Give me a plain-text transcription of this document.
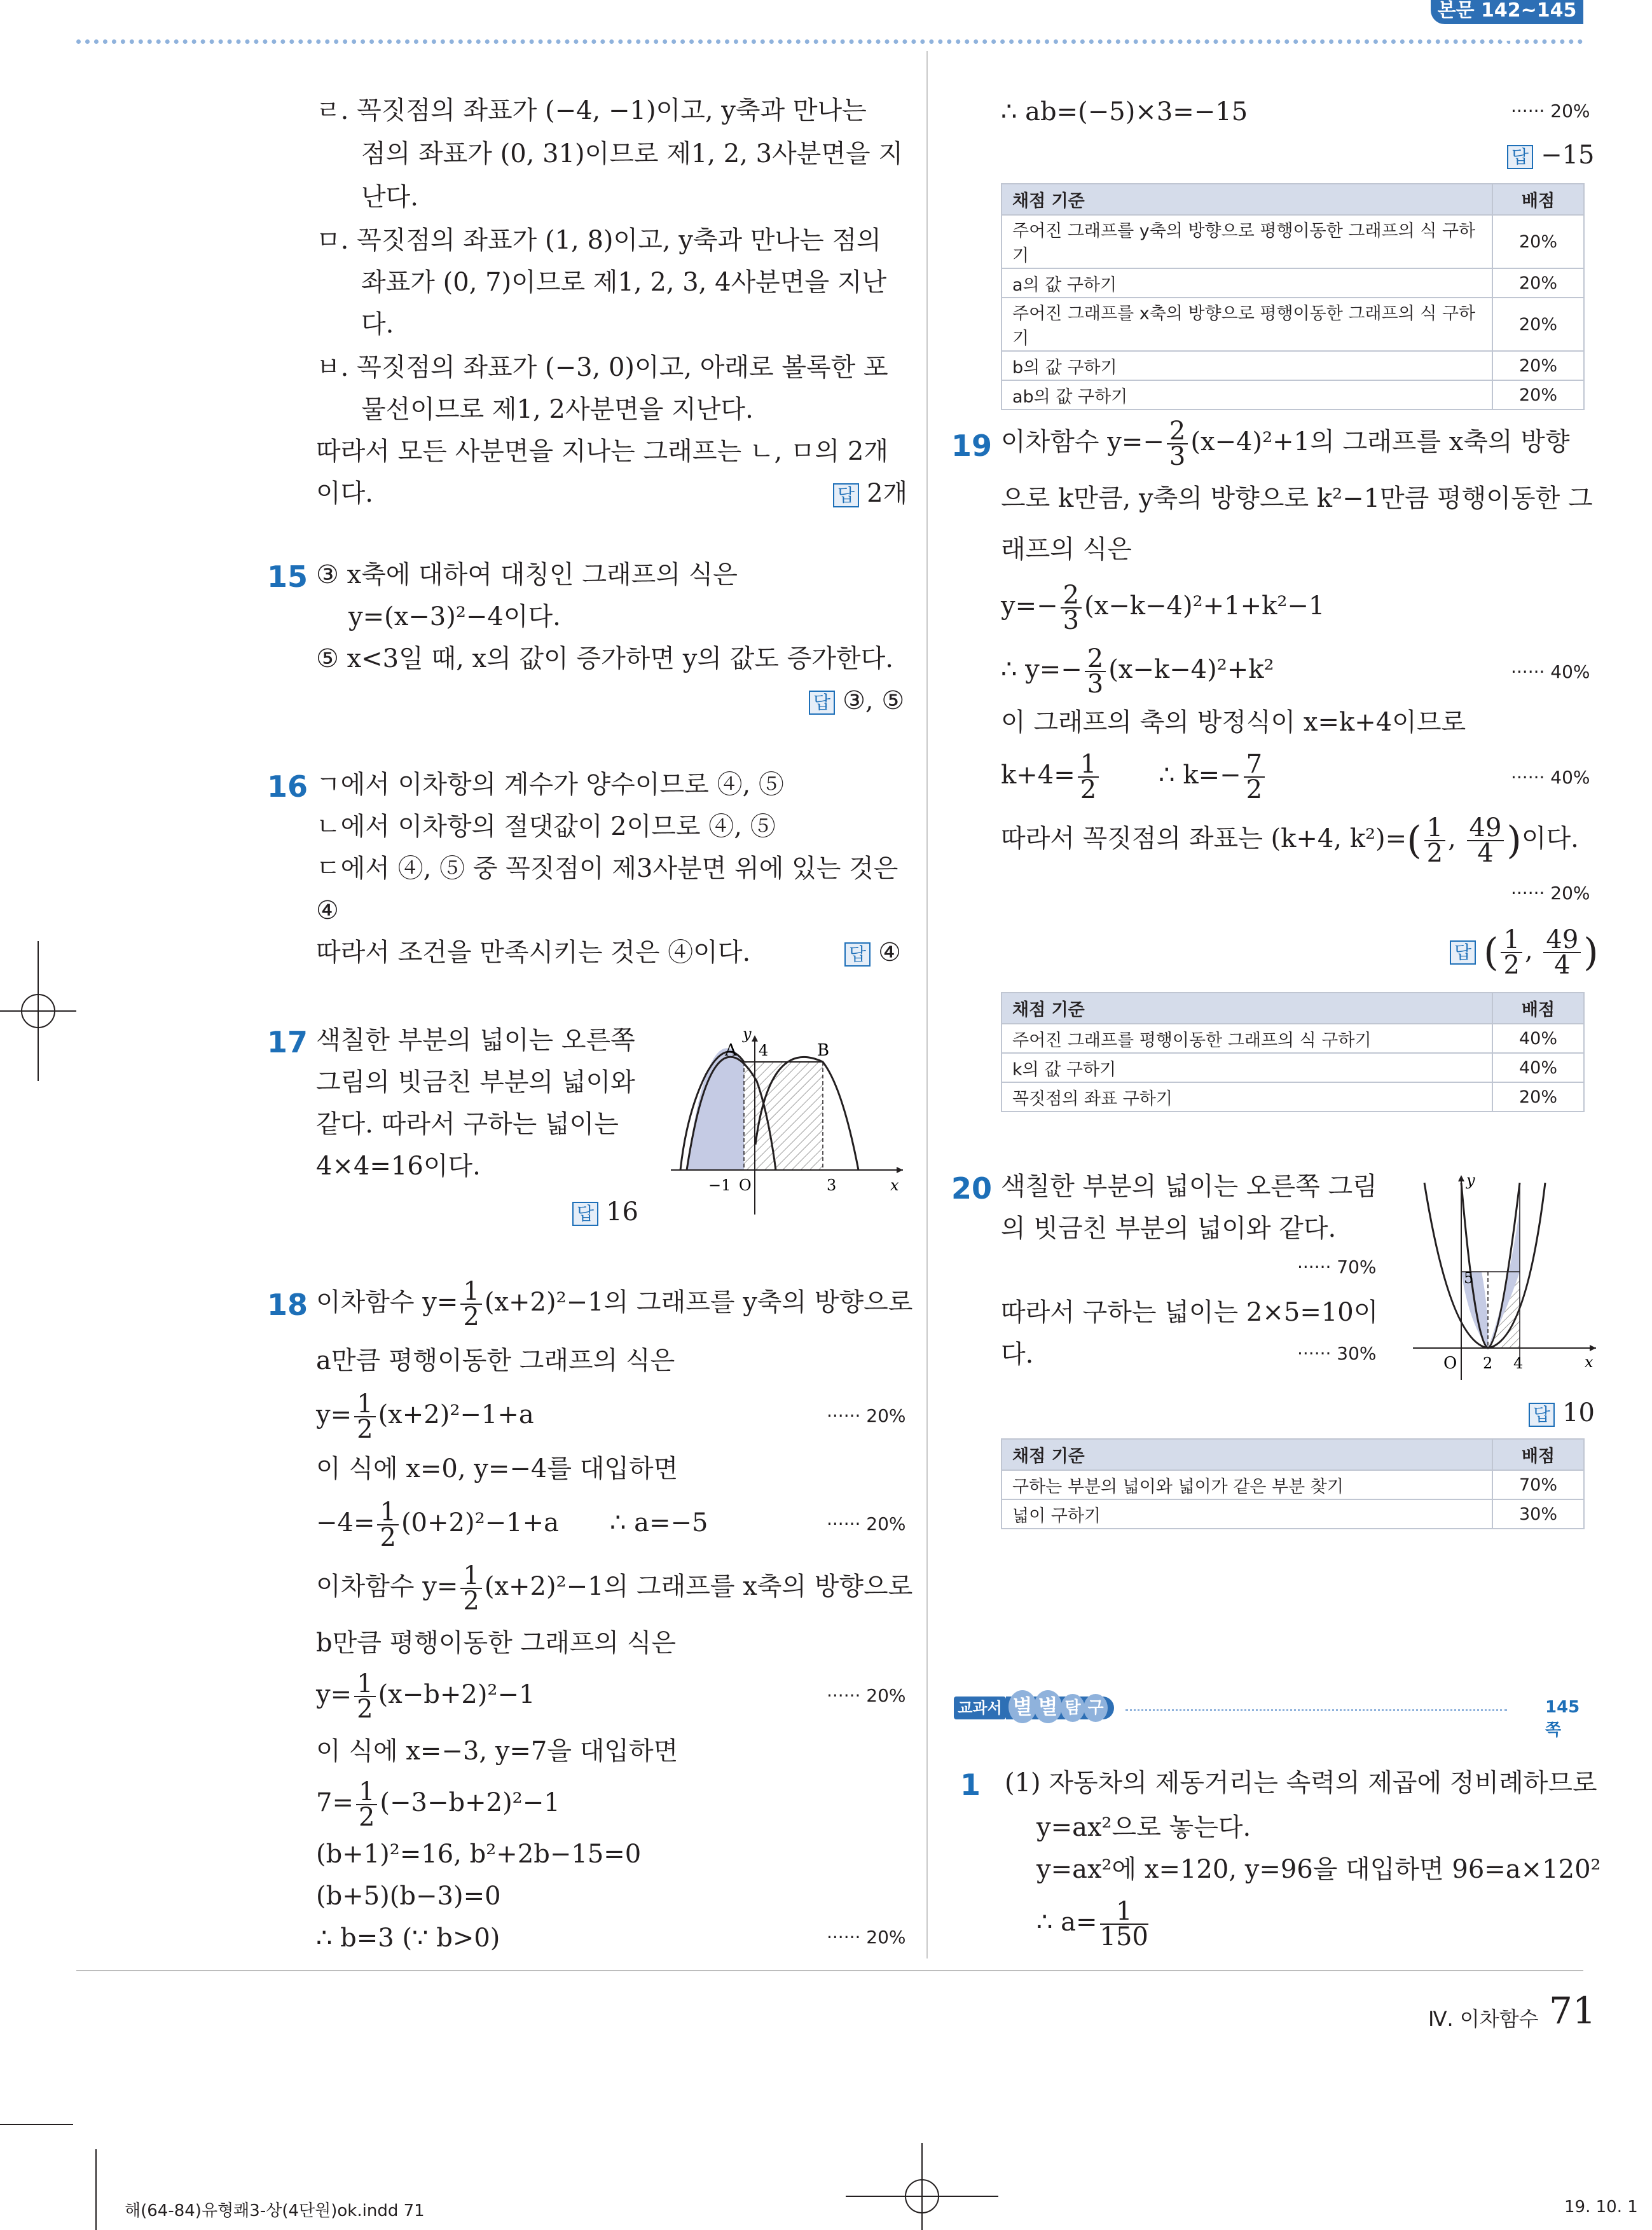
본문 142~145쪽
ㄹ. 꼭짓점의 좌표가 (−4, −1)이고, y축과 만나는
점의 좌표가 (0, 31)이므로 제1, 2, 3사분면을 지
난다.
ㅁ. 꼭짓점의 좌표가 (1, 8)이고, y축과 만나는 점의
좌표가 (0, 7)이므로 제1, 2, 3, 4사분면을 지난
다.
ㅂ. 꼭짓점의 좌표가 (−3, 0)이고, 아래로 볼록한 포
물선이므로 제1, 2사분면을 지난다.
따라서 모든 사분면을 지나는 그래프는 ㄴ, ㅁ의 2개
이다.	답 2개
15 ③ x축에 대하여 대칭인 그래프의 식은
y=(x−3)²−4이다.
⑤ x<3일 때, x의 값이 증가하면 y의 값도 증가한다.
답 ③, ⑤
16 ㄱ에서 이차항의 계수가 양수이므로 ④, ⑤
ㄴ에서 이차항의 절댓값이 2이므로 ④, ⑤
ㄷ에서 ④, ⑤ 중 꼭짓점이 제3사분면 위에 있는 것은
④
따라서 조건을 만족시키는 것은 ④이다.	답 ④
17 색칠한 부분의 넓이는 오른쪽
그림의 빗금친 부분의 넓이와
같다. 따라서 구하는 넓이는
4×4=16이다.
답 16
y
x
A	B
4
−1 O	3
18 이차함수 $y= \frac{1}{2} (x+2)^2-1$의 그래프를 y축의 방향으로
a만큼 평행이동한 그래프의 식은
$y= \frac{1}{2} (x+2)^2-1+a$	······ 20%
이 식에 x=0, y=−4를 대입하면
$-4= \frac{1}{2} (0+2)^2-1+a$ ∴ a=−5	······ 20%
이차함수 $y= \frac{1}{2} (x+2)^2-1$의 그래프를 x축의 방향으로
b만큼 평행이동한 그래프의 식은
$y= \frac{1}{2} (x-b+2)^2-1$	······ 20%
이 식에 x=−3, y=7을 대입하면
$7= \frac{1}{2} (-3-b+2)^2-1$
(b+1)²=16, b²+2b−15=0
(b+5)(b−3)=0
∴ b=3 (∵ b>0)	······ 20%
∴ ab=(−5)×3=−15	······ 20%
답 −15
채점 기준	배점
주어진 그래프를 y축의 방향으로 평행이동한 그래프의 식 구하기	20%
a의 값 구하기	20%
주어진 그래프를 x축의 방향으로 평행이동한 그래프의 식 구하기	20%
b의 값 구하기	20%
ab의 값 구하기	20%
19 이차함수 $y=- \frac{2}{3} (x-4)^2+1$의 그래프를 x축의 방향
으로 k만큼, y축의 방향으로 k²−1만큼 평행이동한 그
래프의 식은
$y=- \frac{2}{3} (x-k-4)^2+1+k^2-1$
∴ $y=- \frac{2}{3} (x-k-4)^2+k^2$	······ 40%
이 그래프의 축의 방정식이 x=k+4이므로
$k+4= \frac{1}{2}$ ∴ $k=- \frac{7}{2}$	······ 40%
따라서 꼭짓점의 좌표는 (k+4, $k^2)=( \frac{1}{2}$ , $\frac{49}{4}$ )이다.
······ 20%
답 ( $\frac{1}{2}$ , $\frac{49}{4}$ )
채점 기준	배점
주어진 그래프를 평행이동한 그래프의 식 구하기	40%
k의 값 구하기	40%
꼭짓점의 좌표 구하기	20%
20 색칠한 부분의 넓이는 오른쪽 그림
의 빗금친 부분의 넓이와 같다.
······ 70%
따라서 구하는 넓이는 2×5=10이
다.	······ 30%
답 10
y
x
5
O 2 4
채점 기준	배점
구하는 부분의 넓이와 넓이가 같은 부분 찾기	70%
넓이 구하기	30%
교과서 별 별 탐 구	145쪽
1 (1) 자동차의 제동거리는 속력의 제곱에 정비례하므로
y=ax²으로 놓는다.
y=ax²에 x=120, y=96을 대입하면 96=a×120²
∴ $a= \frac{1}{150}$
Ⅳ. 이차함수 71
해(64-84)유형쾌3-상(4단원)ok.indd 71	19. 10. 1
